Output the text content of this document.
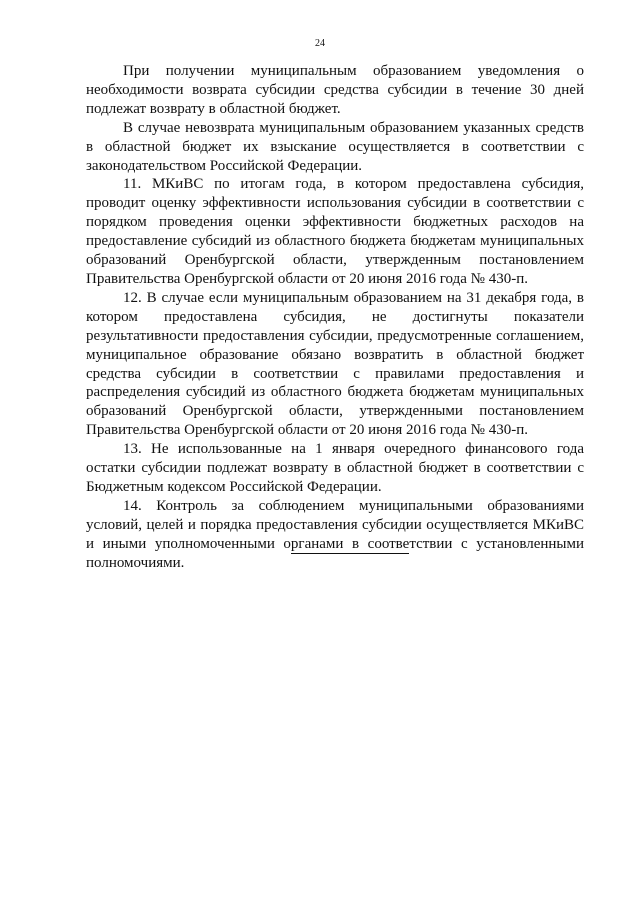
24

При получении муниципальным образованием уведомления о необходимости возврата субсидии средства субсидии в течение 30 дней подлежат возврату в областной бюджет.

В случае невозврата муниципальным образованием указанных средств в областной бюджет их взыскание осуществляется в соответствии с законодательством Российской Федерации.

11. МКиВС по итогам года, в котором предоставлена субсидия, проводит оценку эффективности использования субсидии в соответствии с порядком проведения оценки эффективности бюджетных расходов на предоставление субсидий из областного бюджета бюджетам муниципальных образований Оренбургской области, утвержденным постановлением Правительства Оренбургской области от 20 июня 2016 года № 430-п.

12. В случае если муниципальным образованием на 31 декабря года, в котором предоставлена субсидия, не достигнуты показатели результативности предоставления субсидии, предусмотренные соглашением, муниципальное образование обязано возвратить в областной бюджет средства субсидии в соответствии с правилами предоставления и распределения субсидий из областного бюджета бюджетам муниципальных образований Оренбургской области, утвержденными постановлением Правительства Оренбургской области от 20 июня 2016 года № 430-п.

13. Не использованные на 1 января очередного финансового года остатки субсидии подлежат возврату в областной бюджет в соответствии с Бюджетным кодексом Российской Федерации.

14. Контроль за соблюдением муниципальными образованиями условий, целей и порядка предоставления субсидии осуществляется МКиВС и иными уполномоченными органами в соответствии с установленными полномочиями.
